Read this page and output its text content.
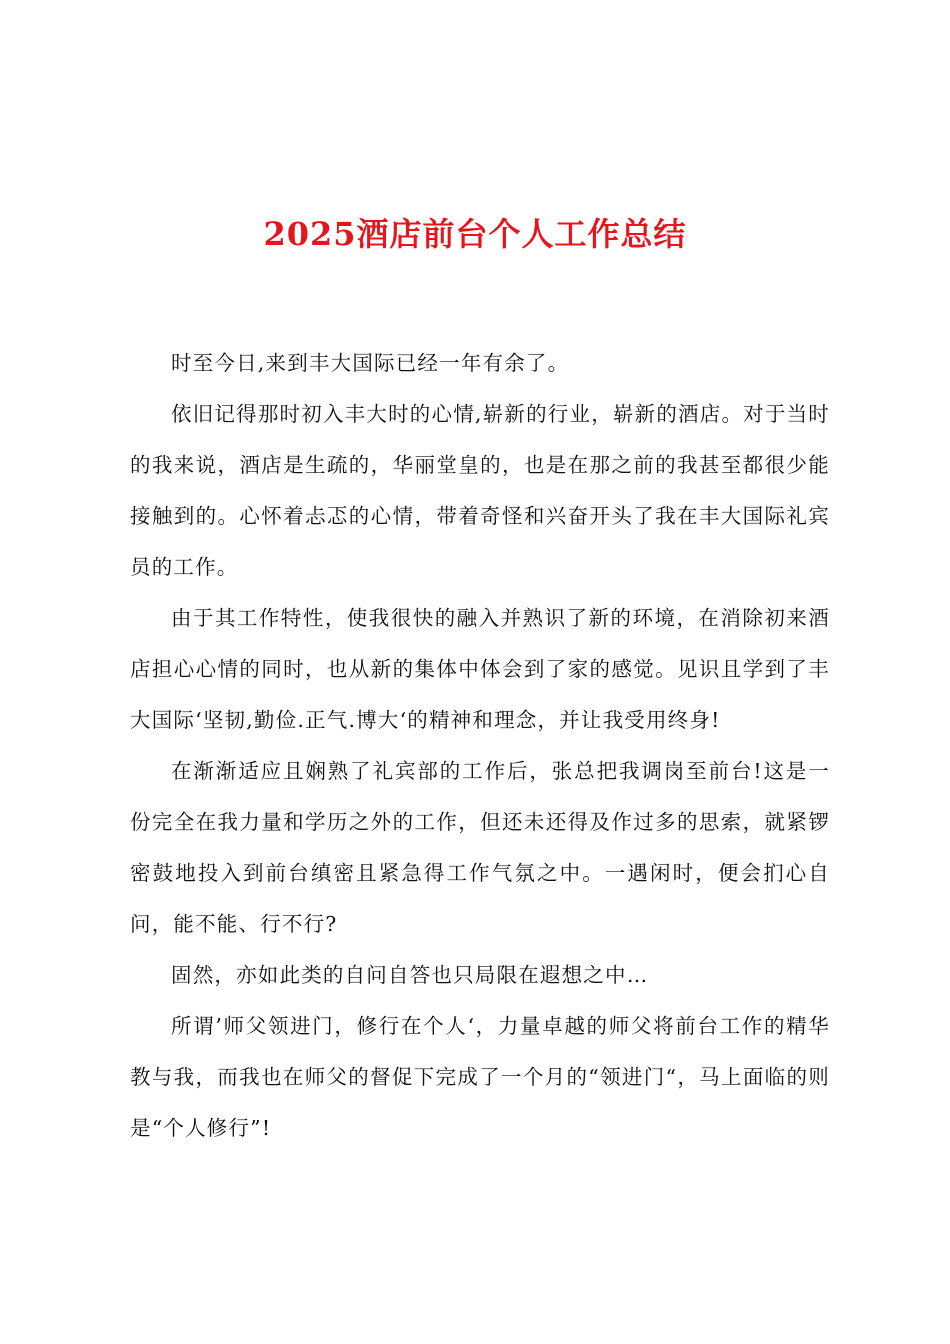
2025酒店前台个人工作总结

时至今日,来到丰大国际已经一年有余了。

依旧记得那时初入丰大时的心情,崭新的行业，崭新的酒店。对于当时的我来说，酒店是生疏的，华丽堂皇的，也是在那之前的我甚至都很少能接触到的。心怀着忐忑的心情，带着奇怪和兴奋开头了我在丰大国际礼宾员的工作。

由于其工作特性，使我很快的融入并熟识了新的环境，在消除初来酒店担心心情的同时，也从新的集体中体会到了家的感觉。见识且学到了丰大国际‘坚韧,勤俭.正气.博大‘的精神和理念，并让我受用终身!

在渐渐适应且娴熟了礼宾部的工作后，张总把我调岗至前台!这是一份完全在我力量和学历之外的工作，但还未还得及作过多的思索，就紧锣密鼓地投入到前台缜密且紧急得工作气氛之中。一遇闲时，便会扪心自问，能不能、行不行?

固然，亦如此类的自问自答也只局限在遐想之中…

所谓’师父领进门，修行在个人‘，力量卓越的师父将前台工作的精华教与我，而我也在师父的督促下完成了一个月的“领进门“，马上面临的则是“个人修行”!
